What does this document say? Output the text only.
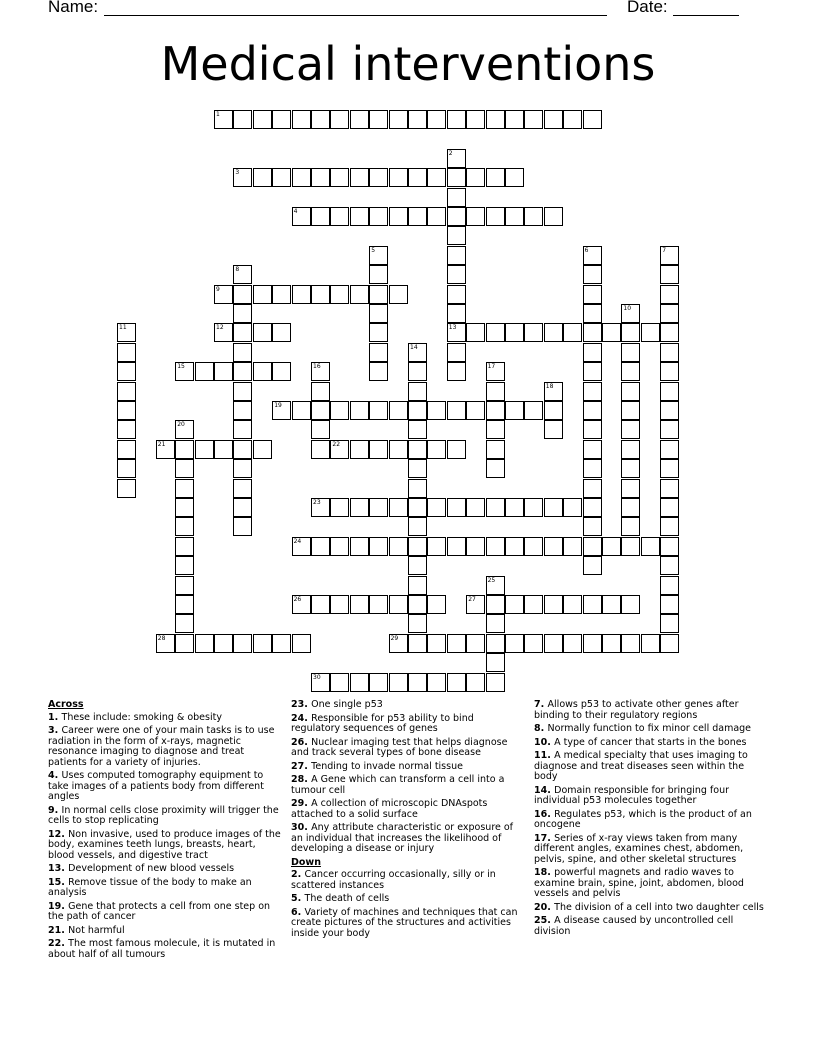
Name:	Date:
Medical interventions
1
3
4
9
12	13
15
19
21	22
23
24
26	27
28	29
30
2
5	6	7
8
10
11
14
16	17
18
20
25
Across
1. These include: smoking & obesity
3. Career were one of your main tasks is to use radiation in the form of x-rays, magnetic resonance imaging to diagnose and treat patients for a variety of injuries.
4. Uses computed tomography equipment to take images of a patients body from different angles
9. In normal cells close proximity will trigger the cells to stop replicating
12. Non invasive, used to produce images of the body, examines teeth lungs, breasts, heart, blood vessels, and digestive tract
13. Development of new blood vessels
15. Remove tissue of the body to make an analysis
19. Gene that protects a cell from one step on the path of cancer
21. Not harmful
22. The most famous molecule, it is mutated in about half of all tumours
23. One single p53
24. Responsible for p53 ability to bind regulatory sequences of genes
26. Nuclear imaging test that helps diagnose and track several types of bone disease
27. Tending to invade normal tissue
28. A Gene which can transform a cell into a tumour cell
29. A collection of microscopic DNAspots attached to a solid surface
30. Any attribute characteristic or exposure of an individual that increases the likelihood of developing a disease or injury
Down
2. Cancer occurring occasionally, silly or in scattered instances
5. The death of cells
6. Variety of machines and techniques that can create pictures of the structures and activities inside your body
7. Allows p53 to activate other genes after binding to their regulatory regions
8. Normally function to fix minor cell damage
10. A type of cancer that starts in the bones
11. A medical specialty that uses imaging to diagnose and treat diseases seen within the body
14. Domain responsible for bringing four individual p53 molecules together
16. Regulates p53, which is the product of an oncogene
17. Series of x-ray views taken from many different angles, examines chest, abdomen, pelvis, spine, and other skeletal structures
18. powerful magnets and radio waves to examine brain, spine, joint, abdomen, blood vessels and pelvis
20. The division of a cell into two daughter cells
25. A disease caused by uncontrolled cell division
